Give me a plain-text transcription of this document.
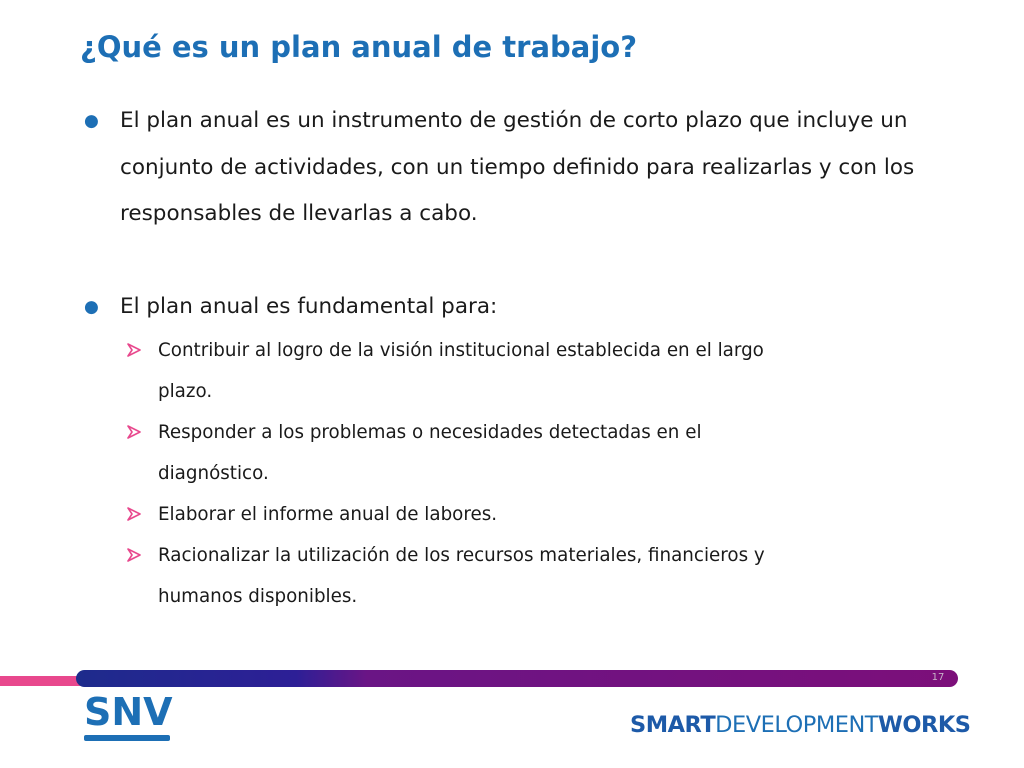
¿Qué es un plan anual de trabajo?

● El plan anual es un instrumento de gestión de corto plazo que incluye un conjunto de actividades, con un tiempo definido para realizarlas y con los responsables de llevarlas a cabo.

● El plan anual es fundamental para:

Contribuir al logro de la visión institucional establecida en el largo
plazo.
Responder a los problemas o necesidades detectadas en el
diagnóstico.
Elaborar el informe anual de labores.
Racionalizar la utilización de los recursos materiales, financieros y
humanos disponibles.
17
SNV	SMARTDEVELOPMENTWORKS
